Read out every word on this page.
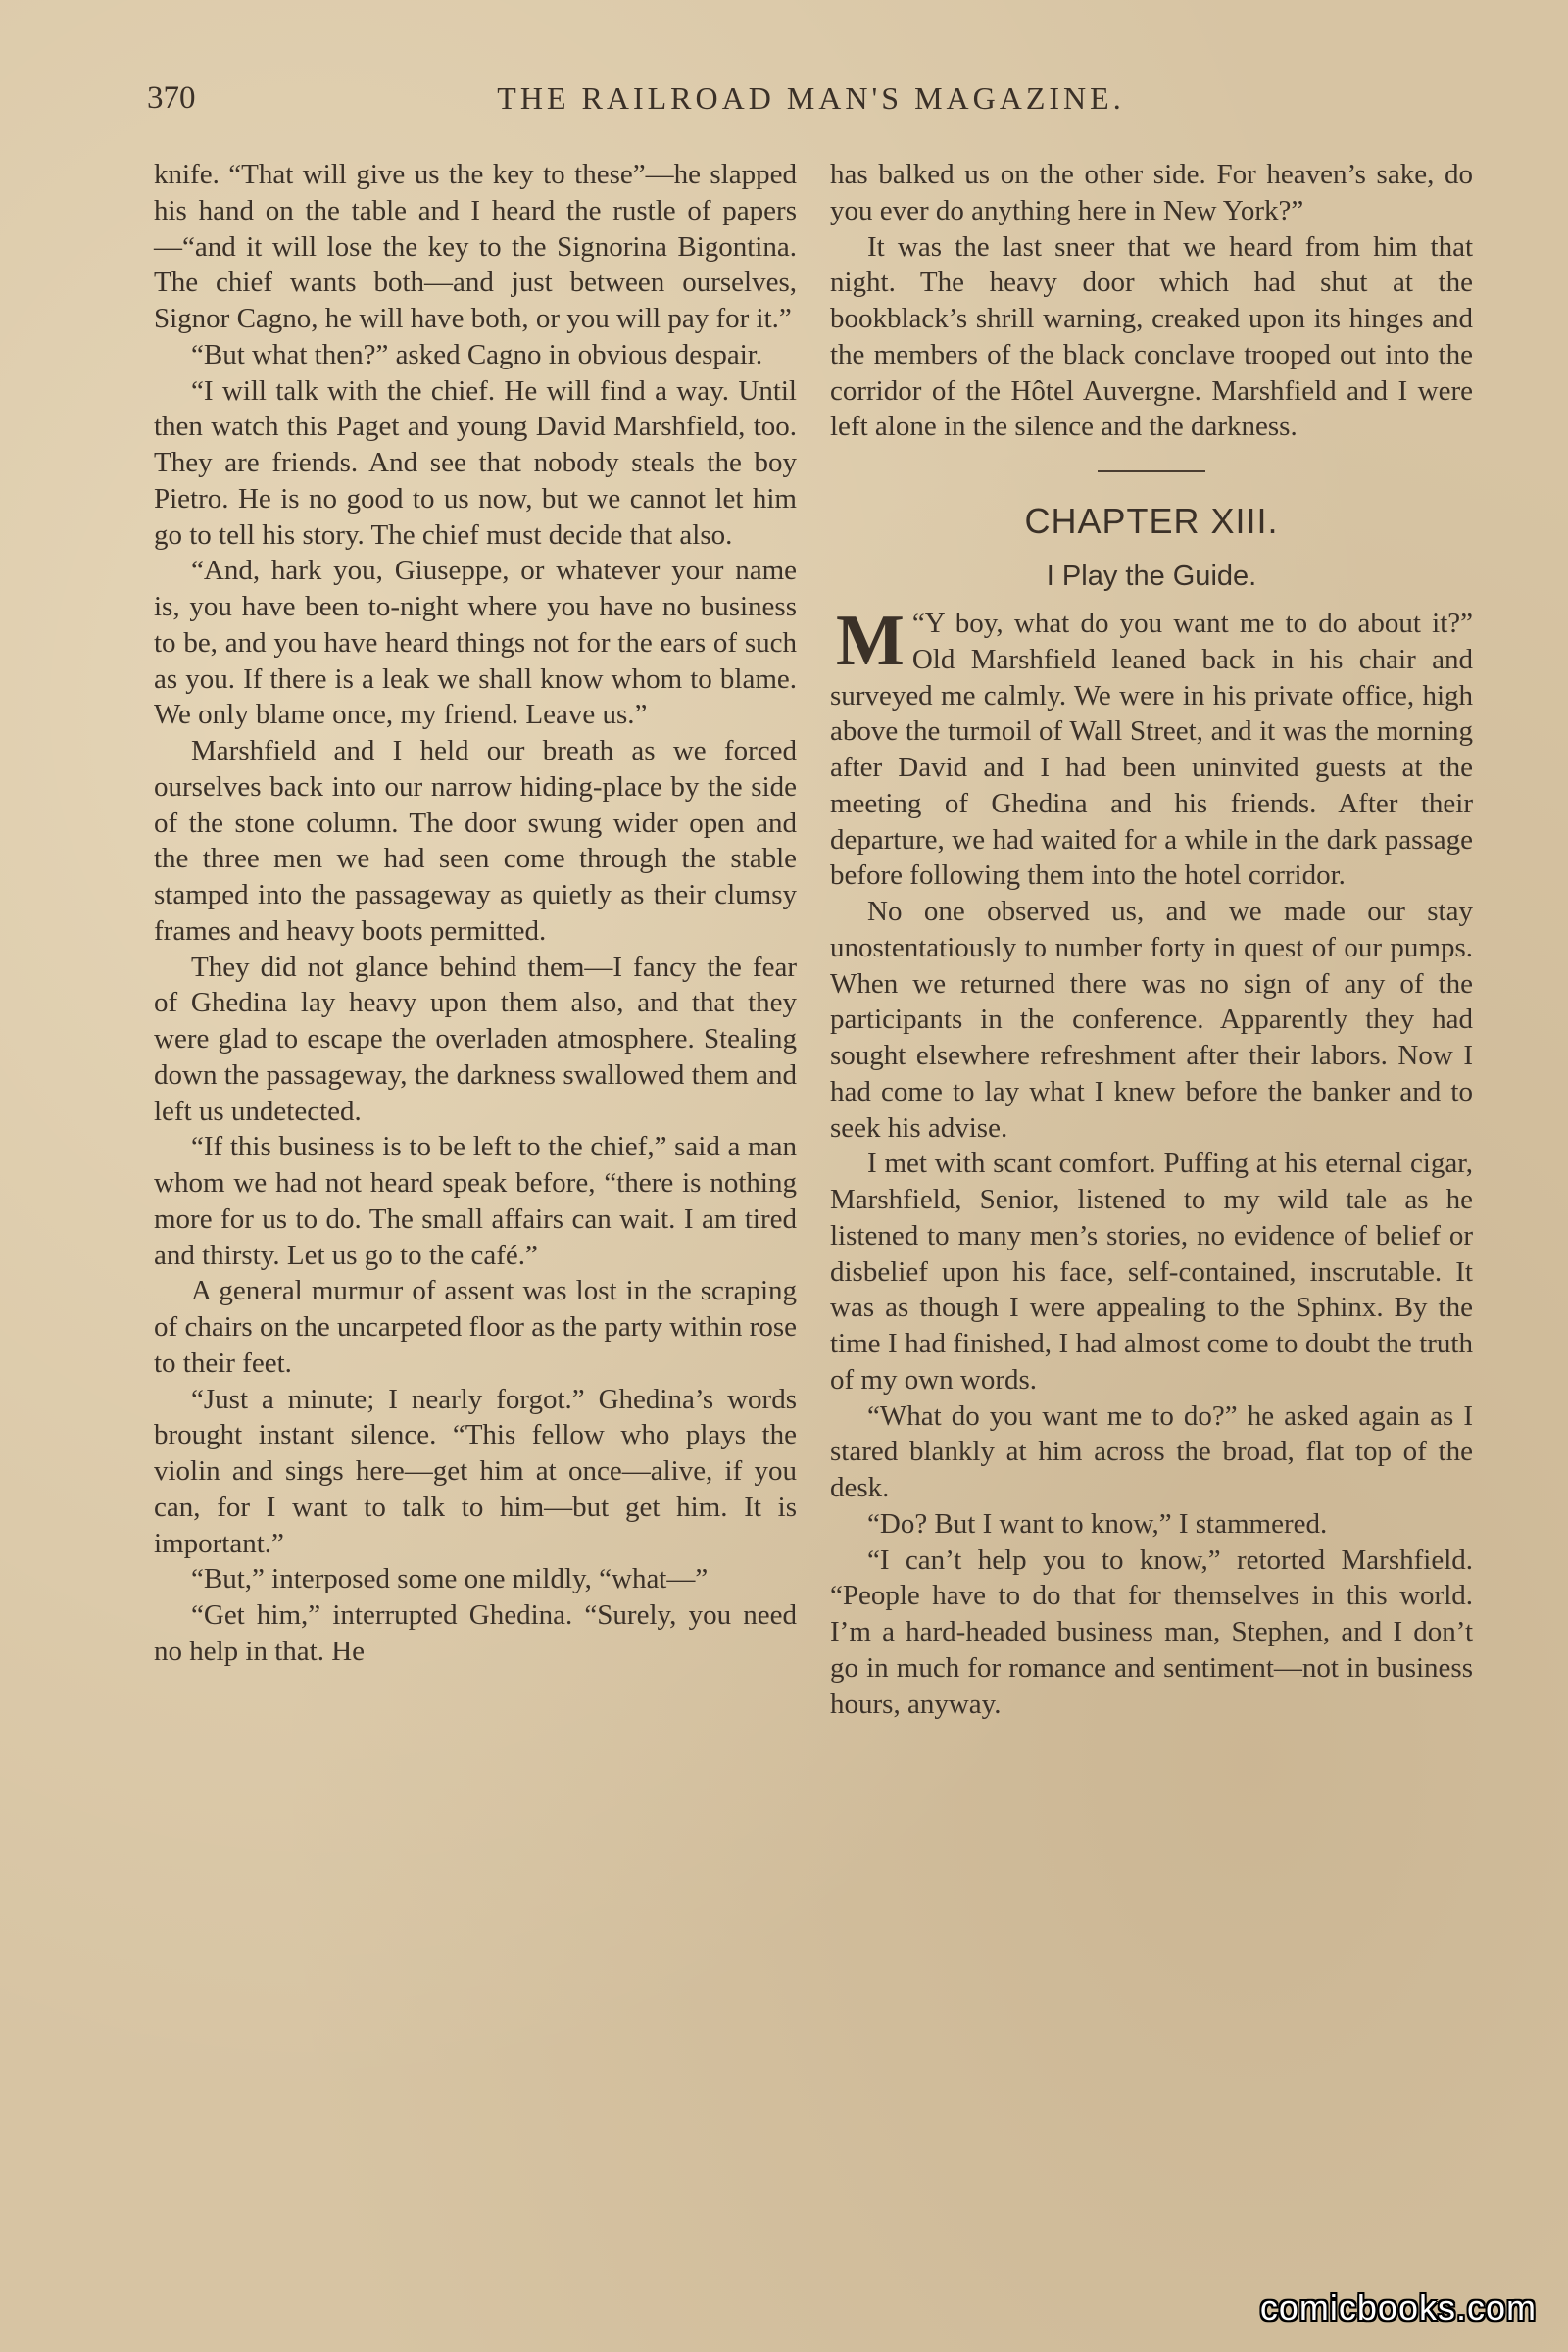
370	THE RAILROAD MAN'S MAGAZINE.

knife. “That will give us the key to these”—he slapped his hand on the table and I heard the rustle of papers—“and it will lose the key to the Signorina Bigontina. The chief wants both—and just between ourselves, Signor Cagno, he will have both, or you will pay for it.”

“But what then?” asked Cagno in obvious despair.

“I will talk with the chief. He will find a way. Until then watch this Paget and young David Marshfield, too. They are friends. And see that nobody steals the boy Pietro. He is no good to us now, but we cannot let him go to tell his story. The chief must decide that also.

“And, hark you, Giuseppe, or whatever your name is, you have been to-night where you have no business to be, and you have heard things not for the ears of such as you. If there is a leak we shall know whom to blame. We only blame once, my friend. Leave us.”

Marshfield and I held our breath as we forced ourselves back into our narrow hiding-place by the side of the stone column. The door swung wider open and the three men we had seen come through the stable stamped into the passageway as quietly as their clumsy frames and heavy boots permitted.

They did not glance behind them—I fancy the fear of Ghedina lay heavy upon them also, and that they were glad to escape the overladen atmosphere. Stealing down the passageway, the darkness swallowed them and left us undetected.

“If this business is to be left to the chief,” said a man whom we had not heard speak before, “there is nothing more for us to do. The small affairs can wait. I am tired and thirsty. Let us go to the café.”

A general murmur of assent was lost in the scraping of chairs on the uncarpeted floor as the party within rose to their feet.

“Just a minute; I nearly forgot.” Ghedina’s words brought instant silence. “This fellow who plays the violin and sings here—get him at once—alive, if you can, for I want to talk to him—but get him. It is important.”

“But,” interposed some one mildly, “what—”

“Get him,” interrupted Ghedina. “Surely, you need no help in that. He

has balked us on the other side. For heaven’s sake, do you ever do anything here in New York?”

It was the last sneer that we heard from him that night. The heavy door which had shut at the bookblack’s shrill warning, creaked upon its hinges and the members of the black conclave trooped out into the corridor of the Hôtel Auvergne. Marshfield and I were left alone in the silence and the darkness.

CHAPTER XIII.
I Play the Guide.

“
M Y boy, what do you want me to do about it?” Old Marshfield leaned back in his chair and surveyed me calmly. We were in his private office, high above the turmoil of Wall Street, and it was the morning after David and I had been uninvited guests at the meeting of Ghedina and his friends. After their departure, we had waited for a while in the dark passage before following them into the hotel corridor.

No one observed us, and we made our stay unostentatiously to number forty in quest of our pumps. When we returned there was no sign of any of the participants in the conference. Apparently they had sought elsewhere refreshment after their labors. Now I had come to lay what I knew before the banker and to seek his advise.

I met with scant comfort. Puffing at his eternal cigar, Marshfield, Senior, listened to my wild tale as he listened to many men’s stories, no evidence of belief or disbelief upon his face, self-contained, inscrutable. It was as though I were appealing to the Sphinx. By the time I had finished, I had almost come to doubt the truth of my own words.

“What do you want me to do?” he asked again as I stared blankly at him across the broad, flat top of the desk.

“Do? But I want to know,” I stammered.

“I can’t help you to know,” retorted Marshfield. “People have to do that for themselves in this world. I’m a hard-headed business man, Stephen, and I don’t go in much for romance and sentiment—not in business hours, anyway.

comicbooks.com
